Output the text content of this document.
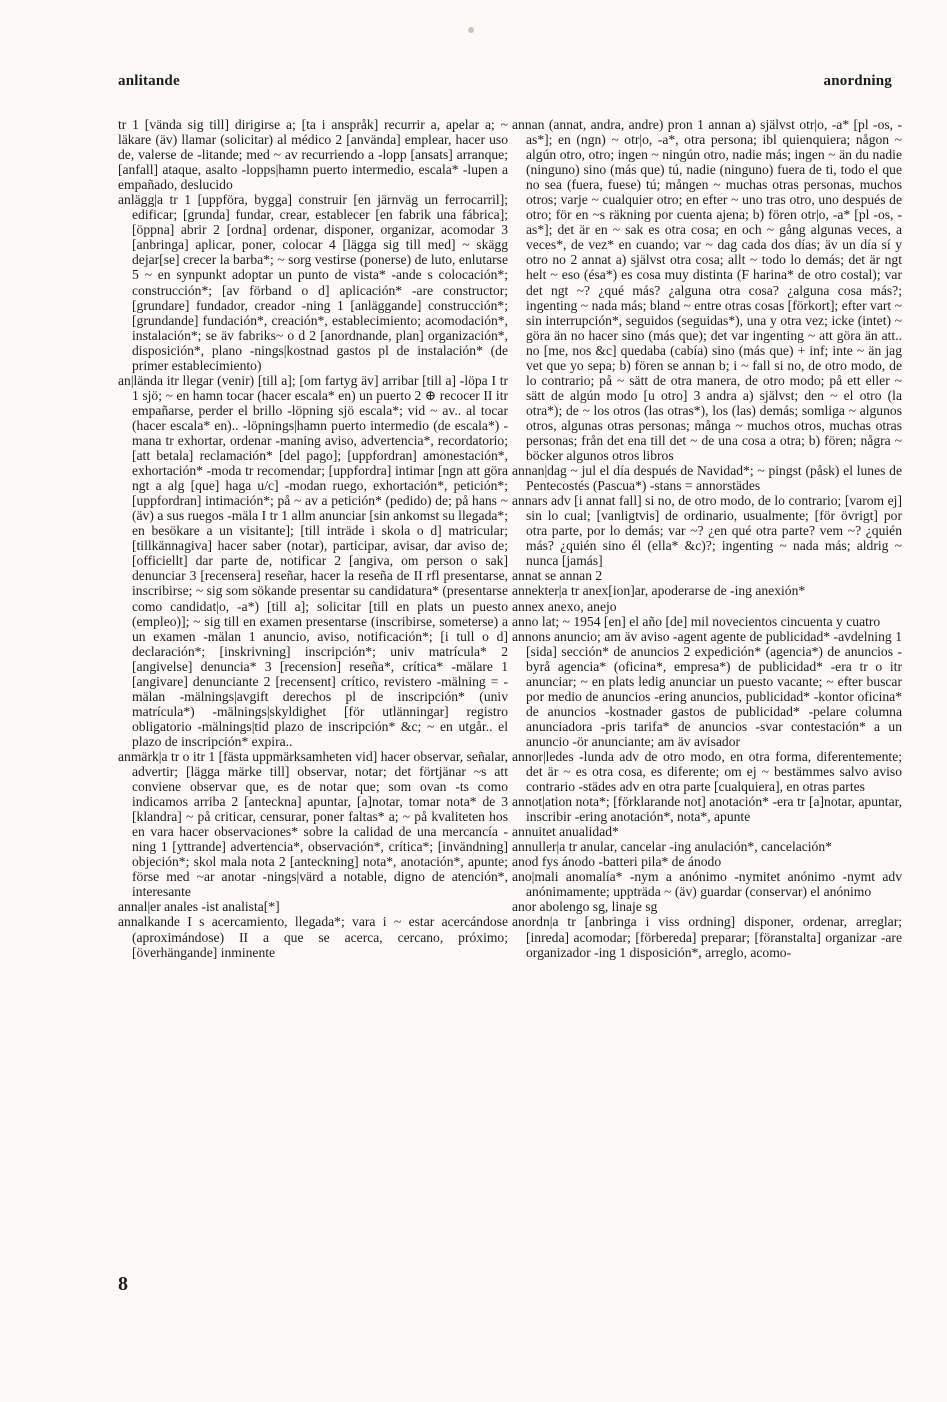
anlitande	anordning

tr 1 [vända sig till] dirigirse a; [ta i anspråk] recurrir a, apelar a; ~ läkare (äv) llamar (solicitar) al médico 2 [använda] emplear, hacer uso de, valerse de -litande; med ~ av recurriendo a -lopp [ansats] arranque; [anfall] ataque, asalto -lopps|hamn puerto intermedio, escala* -lupen a empañado, deslucido

anlägg|a tr 1 [uppföra, bygga] construir [en järnväg un ferrocarril]; edificar; [grunda] fundar, crear, establecer [en fabrik una fábrica]; [öppna] abrir 2 [ordna] ordenar, disponer, organizar, acomodar 3 [anbringa] aplicar, poner, colocar 4 [lägga sig till med] ~ skägg dejar[se] crecer la barba*; ~ sorg vestirse (ponerse) de luto, enlutarse 5 ~ en synpunkt adoptar un punto de vista* -ande s colocación*; construcción*; [av förband o d] aplicación* -are constructor; [grundare] fundador, creador -ning 1 [anläggande] construcción*; [grundande] fundación*, creación*, establecimiento; acomodación*, instalación*; se äv fabriks~ o d 2 [anordnande, plan] organización*, disposición*, plano -nings|kostnad gastos pl de instalación* (de primer establecimiento)

an|lända itr llegar (venir) [till a]; [om fartyg äv] arribar [till a] -löpa I tr 1 sjö; ~ en hamn tocar (hacer escala* en) un puerto 2 ⊕ recocer II itr empañarse, perder el brillo -löpning sjö escala*; vid ~ av.. al tocar (hacer escala* en).. -löpnings|hamn puerto intermedio (de escala*) -mana tr exhortar, ordenar -maning aviso, advertencia*, recordatorio; [att betala] reclamación* [del pago]; [uppfordran] amonestación*, exhortación* -moda tr recomendar; [uppfordra] intimar [ngn att göra ngt a alg [que] haga u/c] -modan ruego, exhortación*, petición*; [uppfordran] intimación*; på ~ av a petición* (pedido) de; på hans ~ (äv) a sus ruegos -mäla I tr 1 allm anunciar [sin ankomst su llegada*; en besökare a un visitante]; [till inträde i skola o d] matricular; [tillkännagiva] hacer saber (notar), participar, avisar, dar aviso de; [officiellt] dar parte de, notificar 2 [angiva, om person o sak] denunciar 3 [recensera] reseñar, hacer la reseña de II rfl presentarse, inscribirse; ~ sig som sökande presentar su candidatura* (presentarse como candidat|o, -a*) [till a]; solicitar [till en plats un puesto (empleo)]; ~ sig till en examen presentarse (inscribirse, someterse) a un examen -mälan 1 anuncio, aviso, notificación*; [i tull o d] declaración*; [inskrivning] inscripción*; univ matrícula* 2 [angivelse] denuncia* 3 [recension] reseña*, crítica* -mälare 1 [angivare] denunciante 2 [recensent] crítico, revistero -mälning = -mälan -mälnings|avgift derechos pl de inscripción* (univ matrícula*) -mälnings|skyldighet [för utlänningar] registro obligatorio -mälnings|tid plazo de inscripción* &c; ~ en utgår.. el plazo de inscripción* expira..

anmärk|a tr o itr 1 [fästa uppmärksamheten vid] hacer observar, señalar, advertir; [lägga märke till] observar, notar; det förtjänar ~s att conviene observar que, es de notar que; som ovan -ts como indicamos arriba 2 [anteckna] apuntar, [a]notar, tomar nota* de 3 [klandra] ~ på criticar, censurar, poner faltas* a; ~ på kvaliteten hos en vara hacer observaciones* sobre la calidad de una mercancía -ning 1 [yttrande] advertencia*, observación*, crítica*; [invändning] objeción*; skol mala nota 2 [anteckning] nota*, anotación*, apunte; förse med ~ar anotar -nings|värd a notable, digno de atención*, interesante

annal|er anales -ist analista[*]

annalkande I s acercamiento, llegada*; vara i ~ estar acercándose (aproximándose) II a que se acerca, cercano, próximo; [överhängande] inminente

annan (annat, andra, andre) pron 1 annan a) självst otr|o, -a* [pl -os, -as*]; en (ngn) ~ otr|o, -a*, otra persona; ibl quienquiera; någon ~ algún otro, otro; ingen ~ ningún otro, nadie más; ingen ~ än du nadie (ninguno) sino (más que) tú, nadie (ninguno) fuera de ti, todo el que no sea (fuera, fuese) tú; mången ~ muchas otras personas, muchos otros; varje ~ cualquier otro; en efter ~ uno tras otro, uno después de otro; för en ~s räkning por cuenta ajena; b) fören otr|o, -a* [pl -os, -as*]; det är en ~ sak es otra cosa; en och ~ gång algunas veces, a veces*, de vez* en cuando; var ~ dag cada dos días; äv un día sí y otro no 2 annat a) självst otra cosa; allt ~ todo lo demás; det är ngt helt ~ eso (ésa*) es cosa muy distinta (F harina* de otro costal); var det ngt ~? ¿qué más? ¿alguna otra cosa? ¿alguna cosa más?; ingenting ~ nada más; bland ~ entre otras cosas [förkort]; efter vart ~ sin interrupción*, seguidos (seguidas*), una y otra vez; icke (intet) ~ göra än no hacer sino (más que); det var ingenting ~ att göra än att.. no [me, nos &c] quedaba (cabía) sino (más que) + inf; inte ~ än jag vet que yo sepa; b) fören se annan b; i ~ fall si no, de otro modo, de lo contrario; på ~ sätt de otra manera, de otro modo; på ett eller ~ sätt de algún modo [u otro] 3 andra a) självst; den ~ el otro (la otra*); de ~ los otros (las otras*), los (las) demás; somliga ~ algunos otros, algunas otras personas; många ~ muchos otros, muchas otras personas; från det ena till det ~ de una cosa a otra; b) fören; några ~ böcker algunos otros libros

annan|dag ~ jul el día después de Navidad*; ~ pingst (påsk) el lunes de Pentecostés (Pascua*) -stans = annorstädes

annars adv [i annat fall] si no, de otro modo, de lo contrario; [varom ej] sin lo cual; [vanligtvis] de ordinario, usualmente; [för övrigt] por otra parte, por lo demás; var ~? ¿en qué otra parte? vem ~? ¿quién más? ¿quién sino él (ella* &c)?; ingenting ~ nada más; aldrig ~ nunca [jamás]

annat se annan 2

annekter|a tr anex[ion]ar, apoderarse de -ing anexión*

annex anexo, anejo

anno lat; ~ 1954 [en] el año [de] mil novecientos cincuenta y cuatro

annons anuncio; am äv aviso -agent agente de publicidad* -avdelning 1 [sida] sección* de anuncios 2 expedición* (agencia*) de anuncios -byrå agencia* (oficina*, empresa*) de publicidad* -era tr o itr anunciar; ~ en plats ledig anunciar un puesto vacante; ~ efter buscar por medio de anuncios -ering anuncios, publicidad* -kontor oficina* de anuncios -kostnader gastos de publicidad* -pelare columna anunciadora -pris tarifa* de anuncios -svar contestación* a un anuncio -ör anunciante; am äv avisador

annor|ledes -lunda adv de otro modo, en otra forma, diferentemente; det är ~ es otra cosa, es diferente; om ej ~ bestämmes salvo aviso contrario -städes adv en otra parte [cualquiera], en otras partes

annot|ation nota*; [förklarande not] anotación* -era tr [a]notar, apuntar, inscribir -ering anotación*, nota*, apunte

annuitet anualidad*

annuller|a tr anular, cancelar -ing anulación*, cancelación*

anod fys ánodo -batteri pila* de ánodo

ano|mali anomalía* -nym a anónimo -nymitet anónimo -nymt adv anónimamente; uppträda ~ (äv) guardar (conservar) el anónimo

anor abolengo sg, linaje sg

anordn|a tr [anbringa i viss ordning] disponer, ordenar, arreglar; [inreda] acomodar; [förbereda] preparar; [föranstalta] organizar -are organizador -ing 1 disposición*, arreglo, acomo-

8
